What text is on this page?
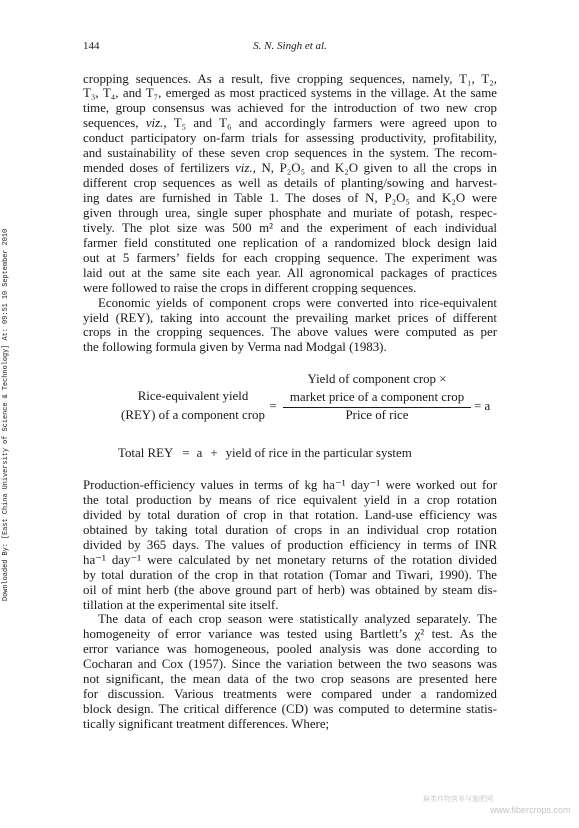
Downloaded By: [East China University of Science & Technology] At: 09:51 10 September 2010
144	S. N. Singh et al.
cropping sequences. As a result, five cropping sequences, namely, T₁, T₂,
T₃, T₄, and T₇, emerged as most practiced systems in the village. At the same
time, group consensus was achieved for the introduction of two new crop
sequences, viz., T₅ and T₆ and accordingly farmers were agreed upon to
conduct participatory on-farm trials for assessing productivity, profitability,
and sustainability of these seven crop sequences in the system. The recom-
mended doses of fertilizers viz., N, P₂O₅ and K₂O given to all the crops in
different crop sequences as well as details of planting/sowing and harvest-
ing dates are furnished in Table 1. The doses of N, P₂O₅ and K₂O were
given through urea, single super phosphate and muriate of potash, respec-
tively. The plot size was 500 m² and the experiment of each individual
farmer field constituted one replication of a randomized block design laid
out at 5 farmers’ fields for each cropping sequence. The experiment was
laid out at the same site each year. All agronomical packages of practices
were followed to raise the crops in different cropping sequences.
Economic yields of component crops were converted into rice-equivalent
yield (REY), taking into account the prevailing market prices of different
crops in the cropping sequences. The above values were computed as per
the following formula given by Verma nad Modgal (1983).
Rice-equivalent yield
(REY) of a component crop
=
Yield of component crop ×
market price of a component crop
Price of rice
= a
Total REY = a + yield of rice in the particular system
Production-efficiency values in terms of kg ha⁻¹ day⁻¹ were worked out for
the total production by means of rice equivalent yield in a crop rotation
divided by total duration of crop in that rotation. Land-use efficiency was
obtained by taking total duration of crops in an individual crop rotation
divided by 365 days. The values of production efficiency in terms of INR
ha⁻¹ day⁻¹ were calculated by net monetary returns of the rotation divided
by total duration of the crop in that rotation (Tomar and Tiwari, 1990). The
oil of mint herb (the above ground part of herb) was obtained by steam dis-
tillation at the experimental site itself.
The data of each crop season were statistically analyzed separately. The
homogeneity of error variance was tested using Bartlett’s χ² test. As the
error variance was homogeneous, pooled analysis was done according to
Cocharan and Cox (1957). Since the variation between the two seasons was
not significant, the mean data of the two crop seasons are presented here
for discussion. Various treatments were compared under a randomized
block design. The critical difference (CD) was computed to determine statis-
tically significant treatment differences. Where;
麻类作物营养与施肥网
www.fibercrops.com
